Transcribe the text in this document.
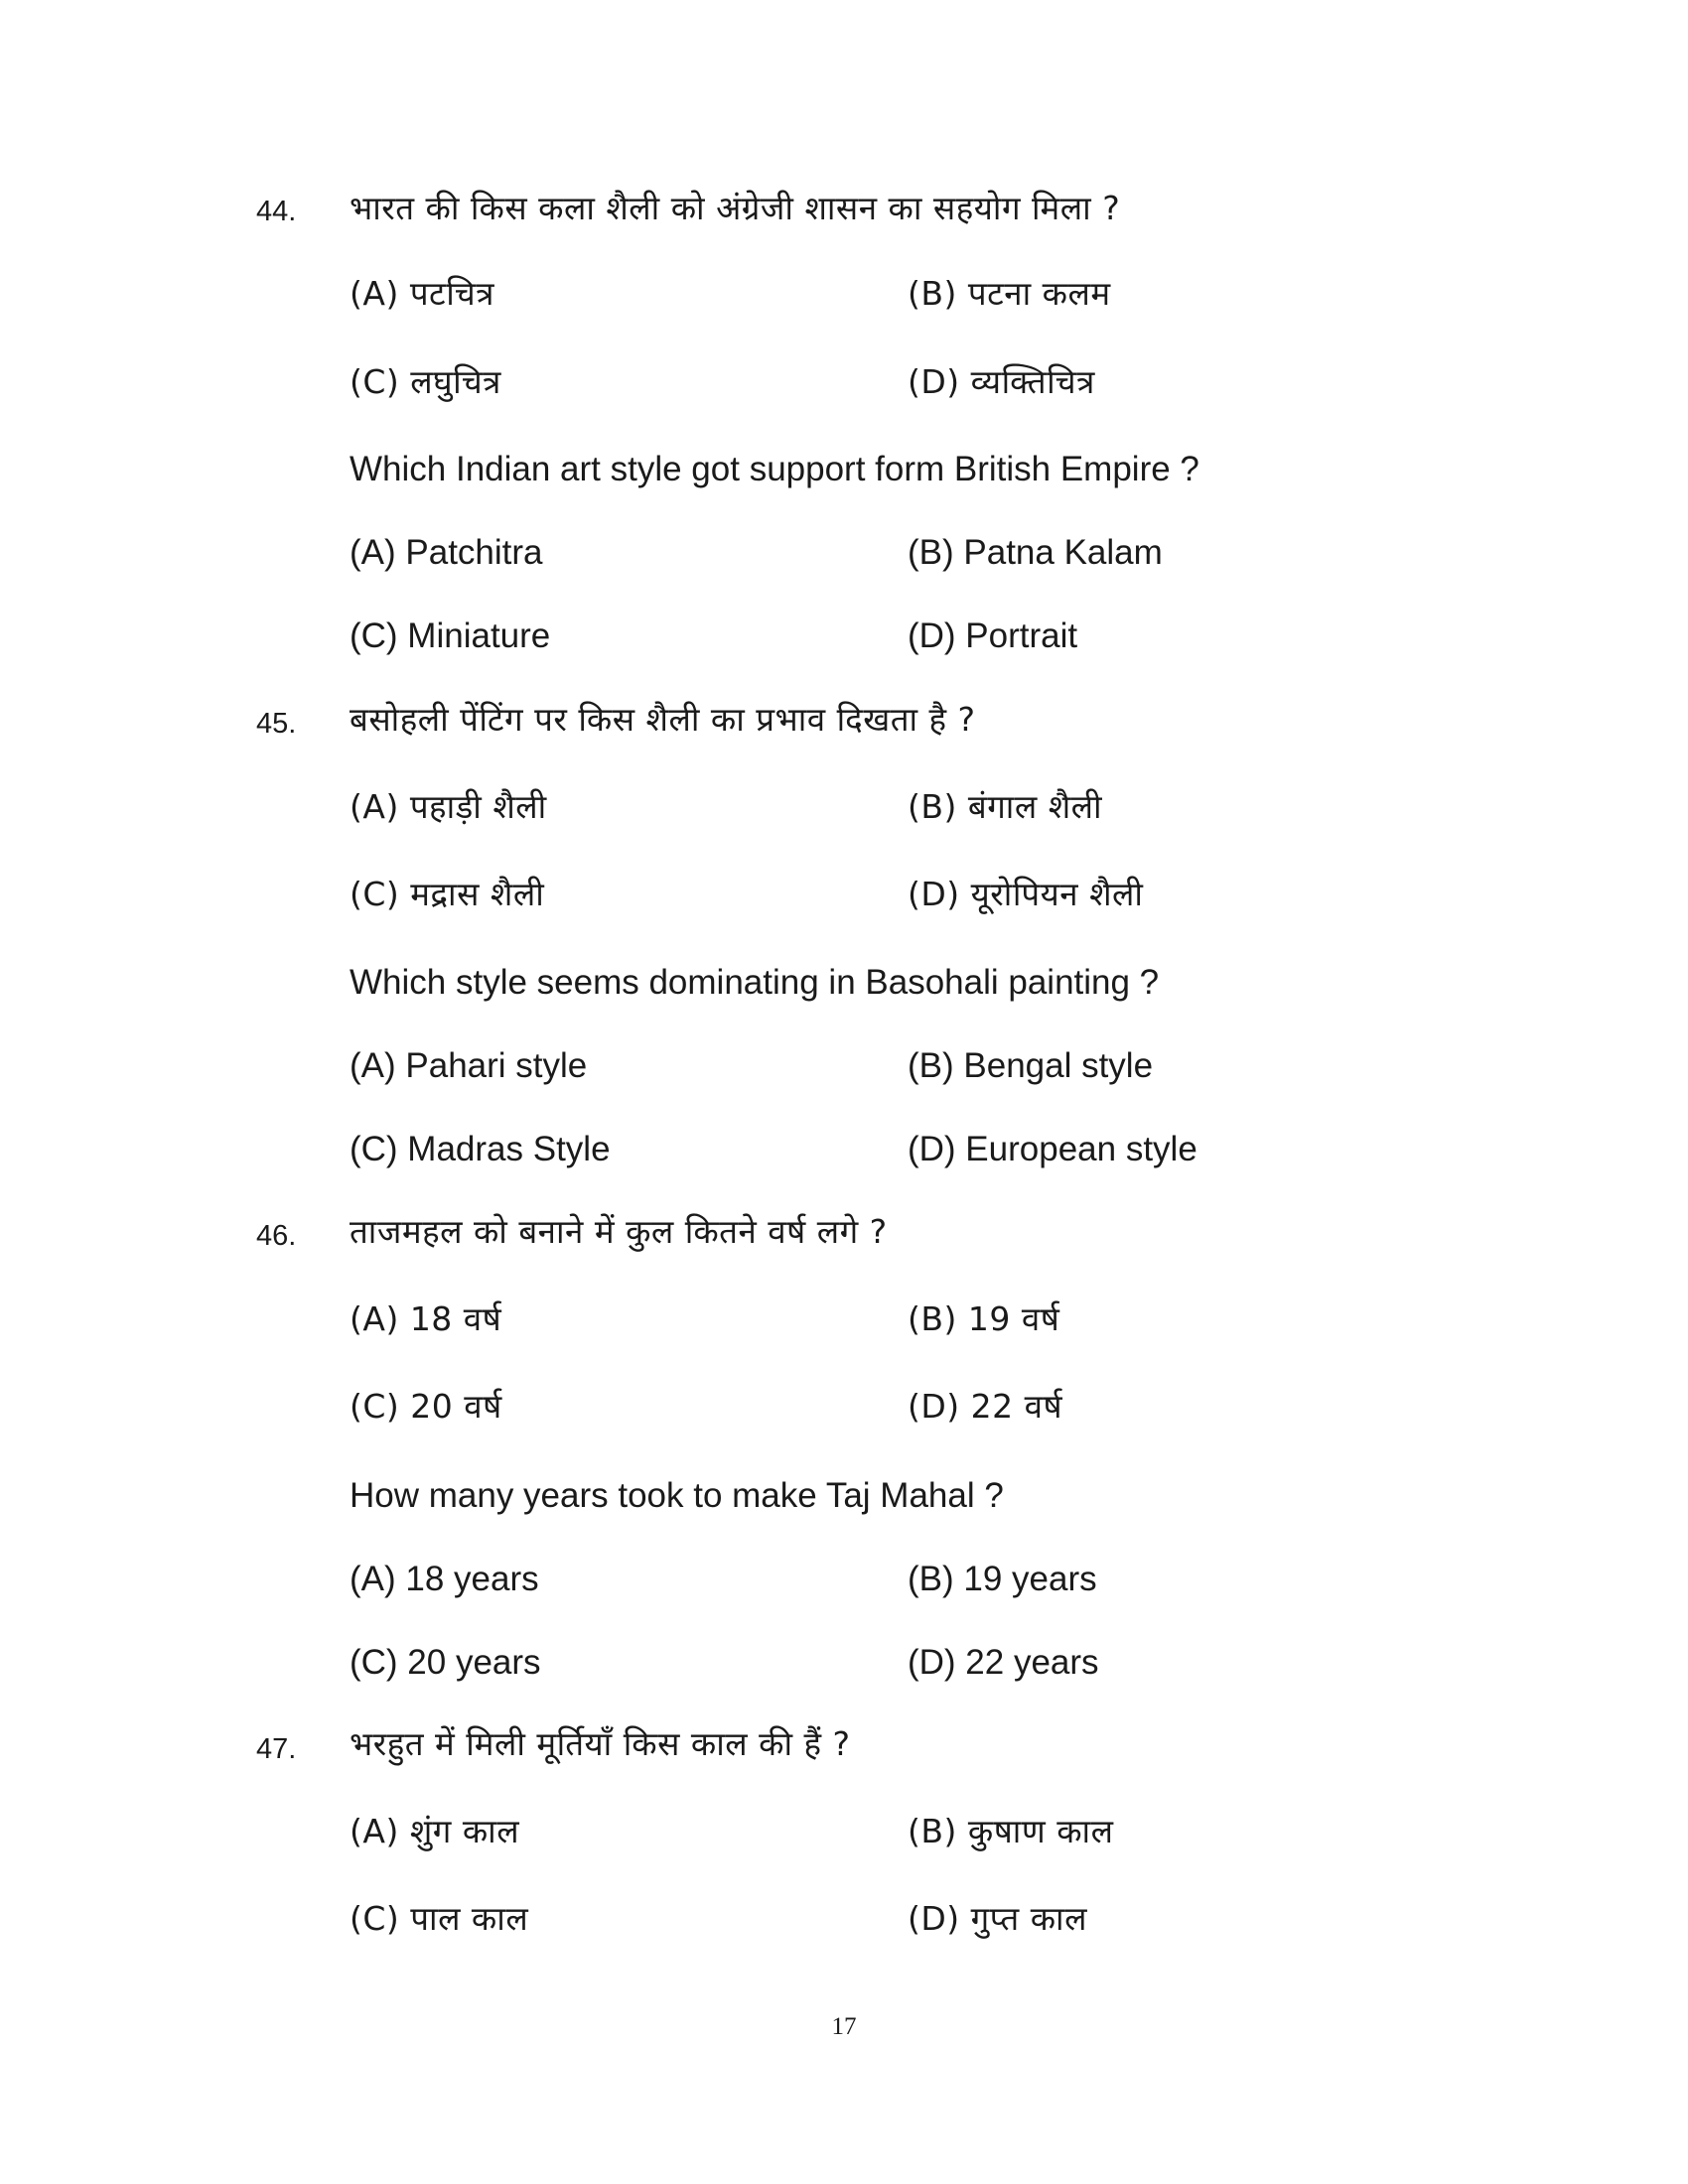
44. भारत की किस कला शैली को अंग्रेजी शासन का सहयोग मिला ?
(A) पटचित्र	(B) पटना कलम
(C) लघुचित्र	(D) व्यक्तिचित्र
Which Indian art style got support form British Empire ?
(A) Patchitra	(B) Patna Kalam
(C) Miniature	(D) Portrait
45. बसोहली पेंटिंग पर किस शैली का प्रभाव दिखता है ?
(A) पहाड़ी शैली	(B) बंगाल शैली
(C) मद्रास शैली	(D) यूरोपियन शैली
Which style seems dominating in Basohali painting ?
(A) Pahari style	(B) Bengal style
(C) Madras Style	(D) European style
46. ताजमहल को बनाने में कुल कितने वर्ष लगे ?
(A) 18 वर्ष	(B) 19 वर्ष
(C) 20 वर्ष	(D) 22 वर्ष
How many years took to make Taj Mahal ?
(A) 18 years	(B) 19 years
(C) 20 years	(D) 22 years
47. भरहुत में मिली मूर्तियाँ किस काल की हैं ?
(A) शुंग काल	(B) कुषाण काल
(C) पाल काल	(D) गुप्त काल
17
